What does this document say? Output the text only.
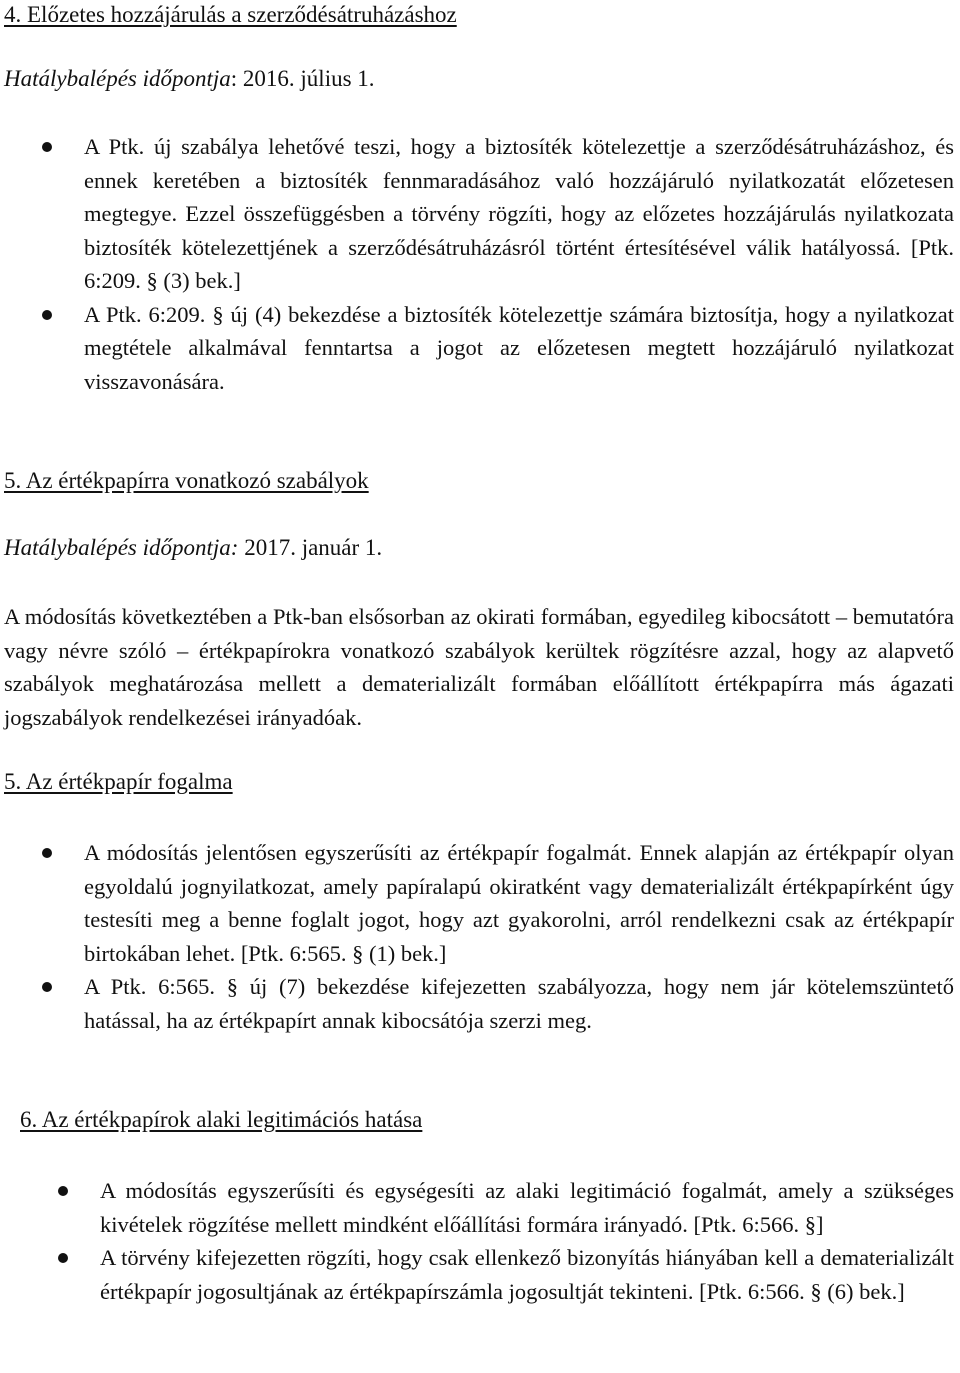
4. Előzetes hozzájárulás a szerződésátruházáshoz

Hatálybalépés időpontja: 2016. július 1.

A Ptk. új szabálya lehetővé teszi, hogy a biztosíték kötelezettje a szerződésátruházáshoz, és ennek keretében a biztosíték fennmaradásához való hozzájáruló nyilatkozatát előzetesen megtegye. Ezzel összefüggésben a törvény rögzíti, hogy az előzetes hozzájárulás nyilatkozata biztosíték kötelezettjének a szerződésátruházásról történt értesítésével válik hatályossá. [Ptk. 6:209. § (3) bek.]
A Ptk. 6:209. § új (4) bekezdése a biztosíték kötelezettje számára biztosítja, hogy a nyilatkozat megtétele alkalmával fenntartsa a jogot az előzetesen megtett hozzájáruló nyilatkozat visszavonására.
5. Az értékpapírra vonatkozó szabályok

Hatálybalépés időpontja: 2017. január 1.

A módosítás következtében a Ptk-ban elsősorban az okirati formában, egyedileg kibocsátott – bemutatóra vagy névre szóló – értékpapírokra vonatkozó szabályok kerültek rögzítésre azzal, hogy az alapvető szabályok meghatározása mellett a dematerializált formában előállított értékpapírra más ágazati jogszabályok rendelkezései irányadóak.

5. Az értékpapír fogalma
A módosítás jelentősen egyszerűsíti az értékpapír fogalmát. Ennek alapján az értékpapír olyan egyoldalú jognyilatkozat, amely papíralapú okiratként vagy dematerializált értékpapírként úgy testesíti meg a benne foglalt jogot, hogy azt gyakorolni, arról rendelkezni csak az értékpapír birtokában lehet. [Ptk. 6:565. § (1) bek.]
A Ptk. 6:565. § új (7) bekezdése kifejezetten szabályozza, hogy nem jár kötelemszüntető hatással, ha az értékpapírt annak kibocsátója szerzi meg.
6. Az értékpapírok alaki legitimációs hatása
A módosítás egyszerűsíti és egységesíti az alaki legitimáció fogalmát, amely a szükséges kivételek rögzítése mellett mindként előállítási formára irányadó. [Ptk. 6:566. §]
A törvény kifejezetten rögzíti, hogy csak ellenkező bizonyítás hiányában kell a dematerializált értékpapír jogosultjának az értékpapírszámla jogosultját tekinteni. [Ptk. 6:566. § (6) bek.]
